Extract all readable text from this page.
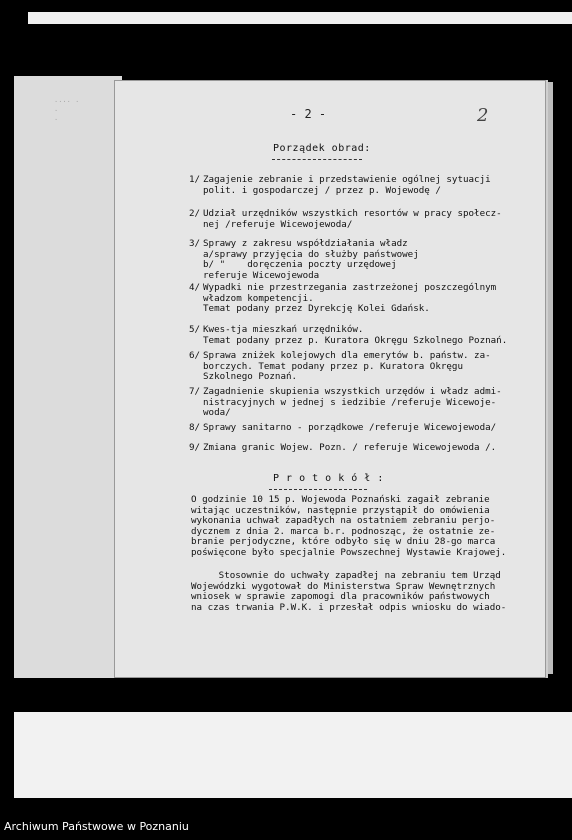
···· ·
·
·	- 2 -	2
Porządek obrad:
1/ Zagajenie zebranie i przedstawienie ogólnej sytuacji
polit. i gospodarczej / przez p. Wojewodę /
2/ Udział urzędników wszystkich resortów w pracy społecz-
nej /referuje Wicewojewoda/
3/ Sprawy z zakresu współdziałania władz
a/sprawy przyjęcia do służby państwowej
b/ "    doręczenia poczty urzędowej
referuje Wicewojewoda
4/ Wypadki nie przestrzegania zastrzeżonej poszczególnym
władzom kompetencji.
Temat podany przez Dyrekcję Kolei Gdańsk.
5/ Kwes-tja mieszkań urzędników.
Temat podany przez p. Kuratora Okręgu Szkolnego Poznań.
6/ Sprawa zniżek kolejowych dla emerytów b. państw. za-
borczych. Temat podany przez p. Kuratora Okręgu
Szkolnego Poznań.
7/ Zagadnienie skupienia wszystkich urzędów i władz admi-
nistracyjnych w jednej s iedzibie /referuje Wicewoje-
woda/
8/ Sprawy sanitarno - porządkowe /referuje Wicewojewoda/
9/ Zmiana granic Wojew. Pozn. / referuje Wicewojewoda /.
P r o t o k ó ł :
O godzinie 10 15 p. Wojewoda Poznański zagaił zebranie
witając uczestników, następnie przystąpił do omówienia
wykonania uchwał zapadłych na ostatniem zebraniu perjo-
dycznem z dnia 2. marca b.r. podnosząc, że ostatnie ze-
branie perjodyczne, które odbyło się w dniu 28-go marca
poświęcone było specjalnie Powszechnej Wystawie Krajowej.
Stosownie do uchwały zapadłej na zebraniu tem Urząd
Wojewódzki wygotował do Ministerstwa Spraw Wewnętrznych
wniosek w sprawie zapomogi dla pracowników państwowych
na czas trwania P.W.K. i przesłał odpis wniosku do wiado-
Archiwum Państwowe w Poznaniu
